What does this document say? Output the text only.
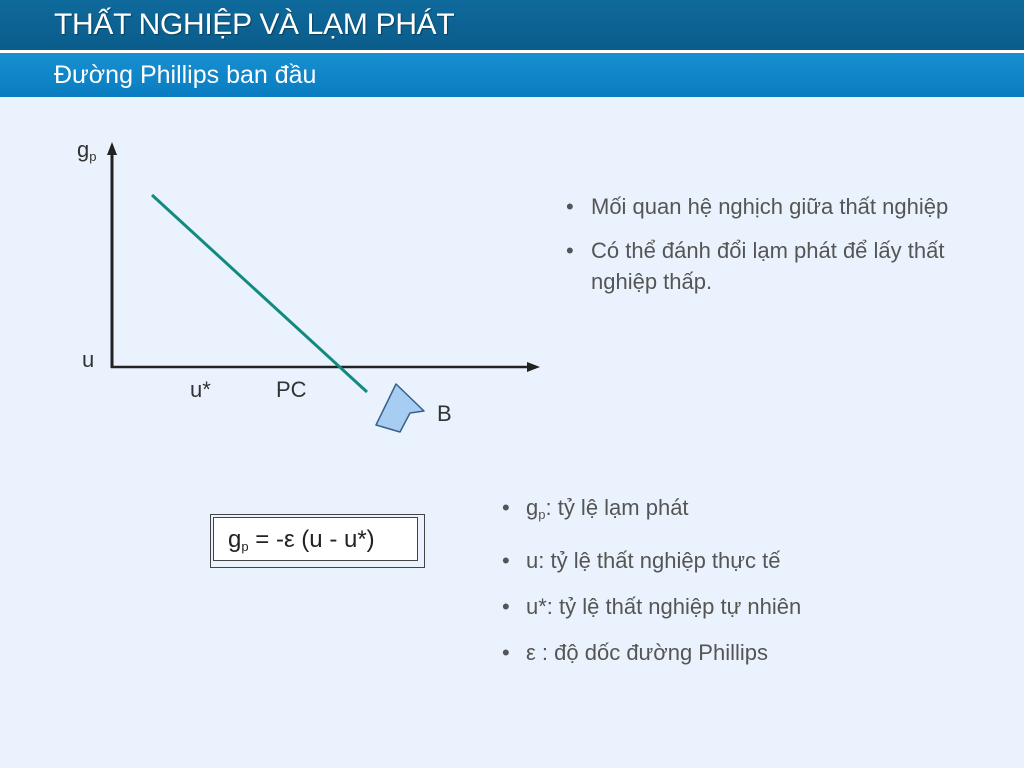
THẤT NGHIỆP VÀ LẠM PHÁT
Đường Phillips ban đầu
$g_p$
u
u*	PC
B
• Mối quan hệ nghịch giữa thất nghiệp
• Có thể đánh đổi lạm phát để lấy thất nghiệp thấp.
$g_p = -\varepsilon$ (u - u*)
• $g_p$: tỷ lệ lạm phát
• u: tỷ lệ thất nghiệp thực tế
• u*: tỷ lệ thất nghiệp tự nhiên
• ε : độ dốc đường Phillips
